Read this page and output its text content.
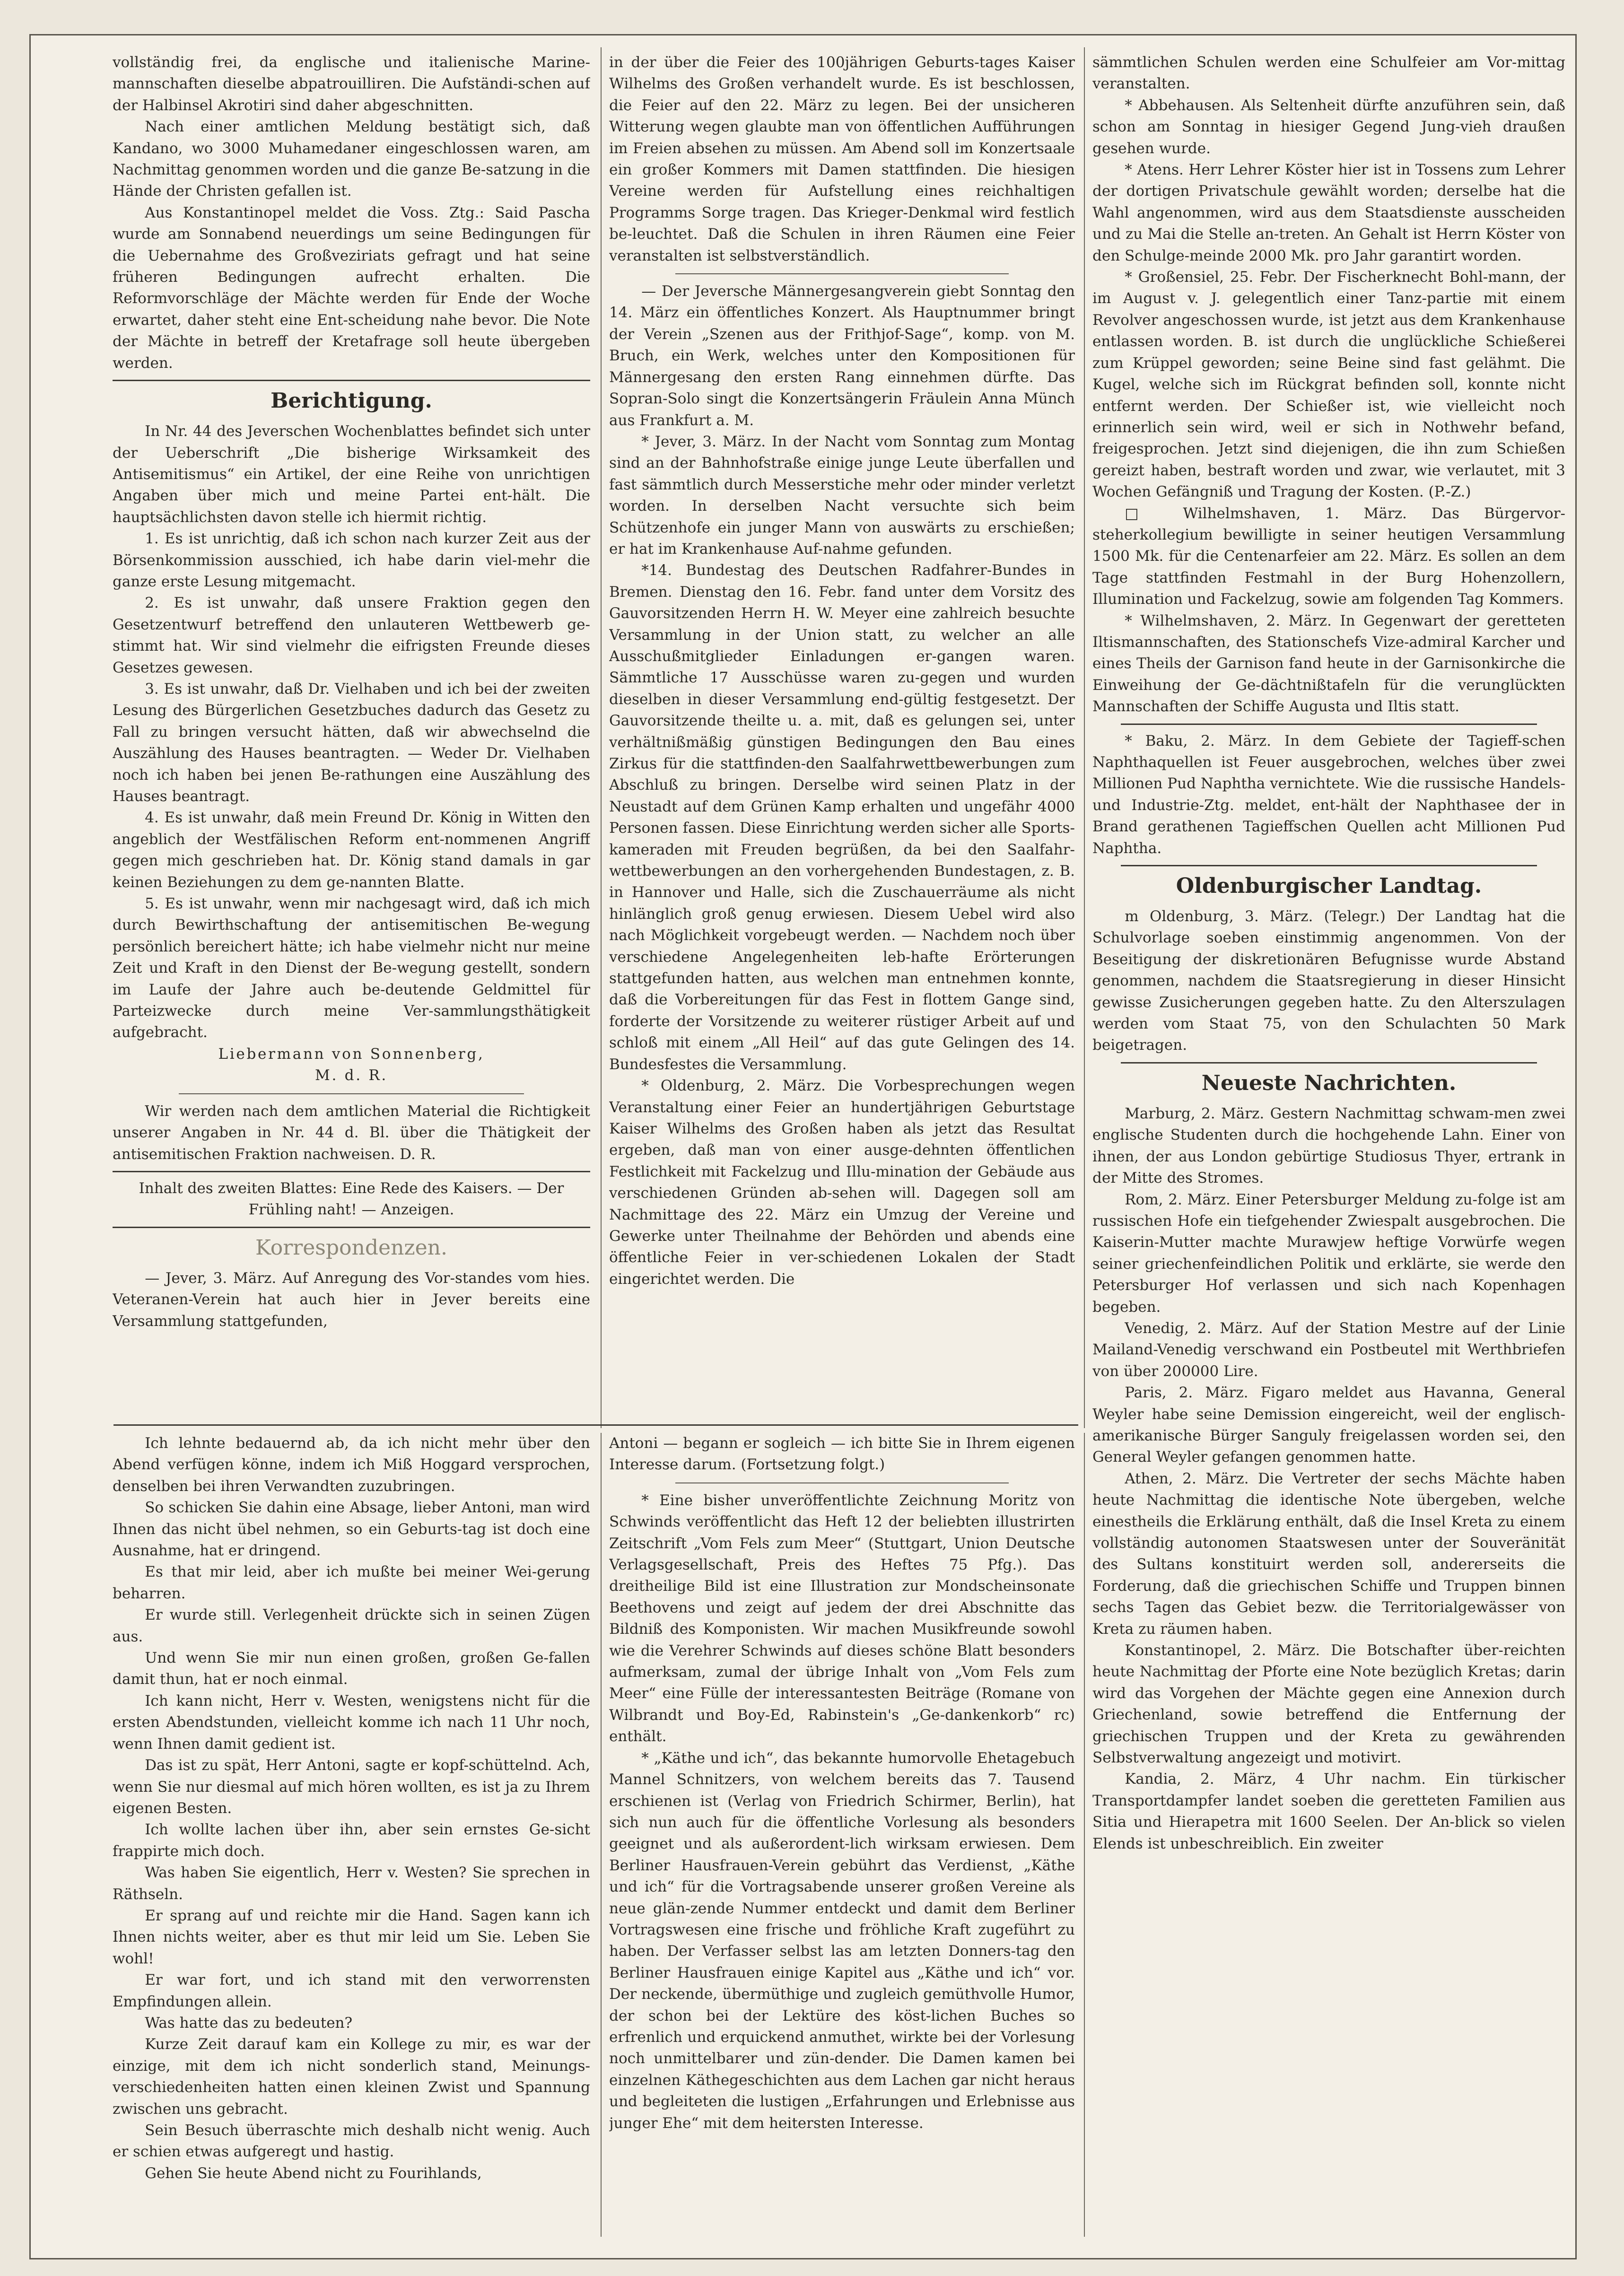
vollständig frei, da englische und italienische Marine-mannschaften dieselbe abpatrouilliren. Die Aufständi-schen auf der Halbinsel Akrotiri sind daher abgeschnitten.

Nach einer amtlichen Meldung bestätigt sich, daß Kandano, wo 3000 Muhamedaner eingeschlossen waren, am Nachmittag genommen worden und die ganze Be-satzung in die Hände der Christen gefallen ist.

Aus Konstantinopel meldet die Voss. Ztg.: Said Pascha wurde am Sonnabend neuerdings um seine Bedingungen für die Uebernahme des Großveziriats gefragt und hat seine früheren Bedingungen aufrecht erhalten. Die Reformvorschläge der Mächte werden für Ende der Woche erwartet, daher steht eine Ent-scheidung nahe bevor. Die Note der Mächte in betreff der Kretafrage soll heute übergeben werden.

Berichtigung.

In Nr. 44 des Jeverschen Wochenblattes befindet sich unter der Ueberschrift „Die bisherige Wirksamkeit des Antisemitismus“ ein Artikel, der eine Reihe von unrichtigen Angaben über mich und meine Partei ent-hält. Die hauptsächlichsten davon stelle ich hiermit richtig.

1. Es ist unrichtig, daß ich schon nach kurzer Zeit aus der Börsenkommission ausschied, ich habe darin viel-mehr die ganze erste Lesung mitgemacht.

2. Es ist unwahr, daß unsere Fraktion gegen den Gesetzentwurf betreffend den unlauteren Wettbewerb ge-stimmt hat. Wir sind vielmehr die eifrigsten Freunde dieses Gesetzes gewesen.

3. Es ist unwahr, daß Dr. Vielhaben und ich bei der zweiten Lesung des Bürgerlichen Gesetzbuches dadurch das Gesetz zu Fall zu bringen versucht hätten, daß wir abwechselnd die Auszählung des Hauses beantragten. — Weder Dr. Vielhaben noch ich haben bei jenen Be-rathungen eine Auszählung des Hauses beantragt.

4. Es ist unwahr, daß mein Freund Dr. König in Witten den angeblich der Westfälischen Reform ent-nommenen Angriff gegen mich geschrieben hat. Dr. König stand damals in gar keinen Beziehungen zu dem ge-nannten Blatte.

5. Es ist unwahr, wenn mir nachgesagt wird, daß ich mich durch Bewirthschaftung der antisemitischen Be-wegung persönlich bereichert hätte; ich habe vielmehr nicht nur meine Zeit und Kraft in den Dienst der Be-wegung gestellt, sondern im Laufe der Jahre auch be-deutende Geldmittel für Parteizwecke durch meine Ver-sammlungsthätigkeit aufgebracht.

Liebermann von Sonnenberg,

M. d. R.

Wir werden nach dem amtlichen Material die Richtigkeit unserer Angaben in Nr. 44 d. Bl. über die Thätigkeit der antisemitischen Fraktion nachweisen. D. R.

Inhalt des zweiten Blattes: Eine Rede des Kaisers. — Der Frühling naht! — Anzeigen.

Korrespondenzen.

— Jever, 3. März. Auf Anregung des Vor-standes vom hies. Veteranen-Verein hat auch hier in Jever bereits eine Versammlung stattgefunden,

in der über die Feier des 100jährigen Geburts-tages Kaiser Wilhelms des Großen verhandelt wurde. Es ist beschlossen, die Feier auf den 22. März zu legen. Bei der unsicheren Witterung wegen glaubte man von öffentlichen Aufführungen im Freien absehen zu müssen. Am Abend soll im Konzertsaale ein großer Kommers mit Damen stattfinden. Die hiesigen Vereine werden für Aufstellung eines reichhaltigen Programms Sorge tragen. Das Krieger-Denkmal wird festlich be-leuchtet. Daß die Schulen in ihren Räumen eine Feier veranstalten ist selbstverständlich.

— Der Jeversche Männergesangverein giebt Sonntag den 14. März ein öffentliches Konzert. Als Hauptnummer bringt der Verein „Szenen aus der Frithjof-Sage“, komp. von M. Bruch, ein Werk, welches unter den Kompositionen für Männergesang den ersten Rang einnehmen dürfte. Das Sopran-Solo singt die Konzertsängerin Fräulein Anna Münch aus Frankfurt a. M.

* Jever, 3. März. In der Nacht vom Sonntag zum Montag sind an der Bahnhofstraße einige junge Leute überfallen und fast sämmtlich durch Messerstiche mehr oder minder verletzt worden. In derselben Nacht versuchte sich beim Schützenhofe ein junger Mann von auswärts zu erschießen; er hat im Krankenhause Auf-nahme gefunden.

*14. Bundestag des Deutschen Radfahrer-Bundes in Bremen. Dienstag den 16. Febr. fand unter dem Vorsitz des Gauvorsitzenden Herrn H. W. Meyer eine zahlreich besuchte Versammlung in der Union statt, zu welcher an alle Ausschußmitglieder Einladungen er-gangen waren. Sämmtliche 17 Ausschüsse waren zu-gegen und wurden dieselben in dieser Versammlung end-gültig festgesetzt. Der Gauvorsitzende theilte u. a. mit, daß es gelungen sei, unter verhältnißmäßig günstigen Bedingungen den Bau eines Zirkus für die stattfinden-den Saalfahrwettbewerbungen zum Abschluß zu bringen. Derselbe wird seinen Platz in der Neustadt auf dem Grünen Kamp erhalten und ungefähr 4000 Personen fassen. Diese Einrichtung werden sicher alle Sports-kameraden mit Freuden begrüßen, da bei den Saalfahr-wettbewerbungen an den vorhergehenden Bundestagen, z. B. in Hannover und Halle, sich die Zuschauerräume als nicht hinlänglich groß genug erwiesen. Diesem Uebel wird also nach Möglichkeit vorgebeugt werden. — Nachdem noch über verschiedene Angelegenheiten leb-hafte Erörterungen stattgefunden hatten, aus welchen man entnehmen konnte, daß die Vorbereitungen für das Fest in flottem Gange sind, forderte der Vorsitzende zu weiterer rüstiger Arbeit auf und schloß mit einem „All Heil“ auf das gute Gelingen des 14. Bundesfestes die Versammlung.

* Oldenburg, 2. März. Die Vorbesprechungen wegen Veranstaltung einer Feier an hundertjährigen Geburtstage Kaiser Wilhelms des Großen haben als jetzt das Resultat ergeben, daß man von einer ausge-dehnten öffentlichen Festlichkeit mit Fackelzug und Illu-mination der Gebäude aus verschiedenen Gründen ab-sehen will. Dagegen soll am Nachmittage des 22. März ein Umzug der Vereine und Gewerke unter Theilnahme der Behörden und abends eine öffentliche Feier in ver-schiedenen Lokalen der Stadt eingerichtet werden. Die

sämmtlichen Schulen werden eine Schulfeier am Vor-mittag veranstalten.

* Abbehausen. Als Seltenheit dürfte anzuführen sein, daß schon am Sonntag in hiesiger Gegend Jung-vieh draußen gesehen wurde.

* Atens. Herr Lehrer Köster hier ist in Tossens zum Lehrer der dortigen Privatschule gewählt worden; derselbe hat die Wahl angenommen, wird aus dem Staatsdienste ausscheiden und zu Mai die Stelle an-treten. An Gehalt ist Herrn Köster von den Schulge-meinde 2000 Mk. pro Jahr garantirt worden.

* Großensiel, 25. Febr. Der Fischerknecht Bohl-mann, der im August v. J. gelegentlich einer Tanz-partie mit einem Revolver angeschossen wurde, ist jetzt aus dem Krankenhause entlassen worden. B. ist durch die unglückliche Schießerei zum Krüppel geworden; seine Beine sind fast gelähmt. Die Kugel, welche sich im Rückgrat befinden soll, konnte nicht entfernt werden. Der Schießer ist, wie vielleicht noch erinnerlich sein wird, weil er sich in Nothwehr befand, freigesprochen. Jetzt sind diejenigen, die ihn zum Schießen gereizt haben, bestraft worden und zwar, wie verlautet, mit 3 Wochen Gefängniß und Tragung der Kosten. (P.-Z.)

□ Wilhelmshaven, 1. März. Das Bürgervor-steherkollegium bewilligte in seiner heutigen Versammlung 1500 Mk. für die Centenarfeier am 22. März. Es sollen an dem Tage stattfinden Festmahl in der Burg Hohenzollern, Illumination und Fackelzug, sowie am folgenden Tag Kommers.

* Wilhelmshaven, 2. März. In Gegenwart der geretteten Iltismannschaften, des Stationschefs Vize-admiral Karcher und eines Theils der Garnison fand heute in der Garnisonkirche die Einweihung der Ge-dächtnißtafeln für die verunglückten Mannschaften der Schiffe Augusta und Iltis statt.

* Baku, 2. März. In dem Gebiete der Tagieff-schen Naphthaquellen ist Feuer ausgebrochen, welches über zwei Millionen Pud Naphtha vernichtete. Wie die russische Handels- und Industrie-Ztg. meldet, ent-hält der Naphthasee der in Brand gerathenen Tagieffschen Quellen acht Millionen Pud Naphtha.

Oldenburgischer Landtag.

m Oldenburg, 3. März. (Telegr.) Der Landtag hat die Schulvorlage soeben einstimmig angenommen. Von der Beseitigung der diskretionären Befugnisse wurde Abstand genommen, nachdem die Staatsregierung in dieser Hinsicht gewisse Zusicherungen gegeben hatte. Zu den Alterszulagen werden vom Staat 75, von den Schulachten 50 Mark beigetragen.

Neueste Nachrichten.

Marburg, 2. März. Gestern Nachmittag schwam-men zwei englische Studenten durch die hochgehende Lahn. Einer von ihnen, der aus London gebürtige Studiosus Thyer, ertrank in der Mitte des Stromes.

Rom, 2. März. Einer Petersburger Meldung zu-folge ist am russischen Hofe ein tiefgehender Zwiespalt ausgebrochen. Die Kaiserin-Mutter machte Murawjew heftige Vorwürfe wegen seiner griechenfeindlichen Politik und erklärte, sie werde den Petersburger Hof verlassen und sich nach Kopenhagen begeben.

Venedig, 2. März. Auf der Station Mestre auf der Linie Mailand-Venedig verschwand ein Postbeutel mit Werthbriefen von über 200000 Lire.

Paris, 2. März. Figaro meldet aus Havanna, General Weyler habe seine Demission eingereicht, weil der englisch-amerikanische Bürger Sanguly freigelassen worden sei, den General Weyler gefangen genommen hatte.

Athen, 2. März. Die Vertreter der sechs Mächte haben heute Nachmittag die identische Note übergeben, welche einestheils die Erklärung enthält, daß die Insel Kreta zu einem vollständig autonomen Staatswesen unter der Souveränität des Sultans konstituirt werden soll, andererseits die Forderung, daß die griechischen Schiffe und Truppen binnen sechs Tagen das Gebiet bezw. die Territorialgewässer von Kreta zu räumen haben.

Konstantinopel, 2. März. Die Botschafter über-reichten heute Nachmittag der Pforte eine Note bezüglich Kretas; darin wird das Vorgehen der Mächte gegen eine Annexion durch Griechenland, sowie betreffend die Entfernung der griechischen Truppen und der Kreta zu gewährenden Selbstverwaltung angezeigt und motivirt.

Kandia, 2. März, 4 Uhr nachm. Ein türkischer Transportdampfer landet soeben die geretteten Familien aus Sitia und Hierapetra mit 1600 Seelen. Der An-blick so vielen Elends ist unbeschreiblich. Ein zweiter

Ich lehnte bedauernd ab, da ich nicht mehr über den Abend verfügen könne, indem ich Miß Hoggard versprochen, denselben bei ihren Verwandten zuzubringen.

So schicken Sie dahin eine Absage, lieber Antoni, man wird Ihnen das nicht übel nehmen, so ein Geburts-tag ist doch eine Ausnahme, hat er dringend.

Es that mir leid, aber ich mußte bei meiner Wei-gerung beharren.

Er wurde still. Verlegenheit drückte sich in seinen Zügen aus.

Und wenn Sie mir nun einen großen, großen Ge-fallen damit thun, hat er noch einmal.

Ich kann nicht, Herr v. Westen, wenigstens nicht für die ersten Abendstunden, vielleicht komme ich nach 11 Uhr noch, wenn Ihnen damit gedient ist.

Das ist zu spät, Herr Antoni, sagte er kopf-schüttelnd. Ach, wenn Sie nur diesmal auf mich hören wollten, es ist ja zu Ihrem eigenen Besten.

Ich wollte lachen über ihn, aber sein ernstes Ge-sicht frappirte mich doch.

Was haben Sie eigentlich, Herr v. Westen? Sie sprechen in Räthseln.

Er sprang auf und reichte mir die Hand. Sagen kann ich Ihnen nichts weiter, aber es thut mir leid um Sie. Leben Sie wohl!

Er war fort, und ich stand mit den verworrensten Empfindungen allein.

Was hatte das zu bedeuten?

Kurze Zeit darauf kam ein Kollege zu mir, es war der einzige, mit dem ich nicht sonderlich stand, Meinungs-verschiedenheiten hatten einen kleinen Zwist und Spannung zwischen uns gebracht.

Sein Besuch überraschte mich deshalb nicht wenig. Auch er schien etwas aufgeregt und hastig.

Gehen Sie heute Abend nicht zu Fourihlands,

Antoni — begann er sogleich — ich bitte Sie in Ihrem eigenen Interesse darum. (Fortsetzung folgt.)

* Eine bisher unveröffentlichte Zeichnung Moritz von Schwinds veröffentlicht das Heft 12 der beliebten illustrirten Zeitschrift „Vom Fels zum Meer“ (Stuttgart, Union Deutsche Verlagsgesellschaft, Preis des Heftes 75 Pfg.). Das dreitheilige Bild ist eine Illustration zur Mondscheinsonate Beethovens und zeigt auf jedem der drei Abschnitte das Bildniß des Komponisten. Wir machen Musikfreunde sowohl wie die Verehrer Schwinds auf dieses schöne Blatt besonders aufmerksam, zumal der übrige Inhalt von „Vom Fels zum Meer“ eine Fülle der interessantesten Beiträge (Romane von Wilbrandt und Boy-Ed, Rabinstein's „Ge-dankenkorb“ rc) enthält.

* „Käthe und ich“, das bekannte humorvolle Ehetagebuch Mannel Schnitzers, von welchem bereits das 7. Tausend erschienen ist (Verlag von Friedrich Schirmer, Berlin), hat sich nun auch für die öffentliche Vorlesung als besonders geeignet und als außerordent-lich wirksam erwiesen. Dem Berliner Hausfrauen-Verein gebührt das Verdienst, „Käthe und ich“ für die Vortragsabende unserer großen Vereine als neue glän-zende Nummer entdeckt und damit dem Berliner Vortragswesen eine frische und fröhliche Kraft zugeführt zu haben. Der Verfasser selbst las am letzten Donners-tag den Berliner Hausfrauen einige Kapitel aus „Käthe und ich“ vor. Der neckende, übermüthige und zugleich gemüthvolle Humor, der schon bei der Lektüre des köst-lichen Buches so erfrenlich und erquickend anmuthet, wirkte bei der Vorlesung noch unmittelbarer und zün-dender. Die Damen kamen bei einzelnen Käthegeschichten aus dem Lachen gar nicht heraus und begleiteten die lustigen „Erfahrungen und Erlebnisse aus junger Ehe“ mit dem heitersten Interesse.
